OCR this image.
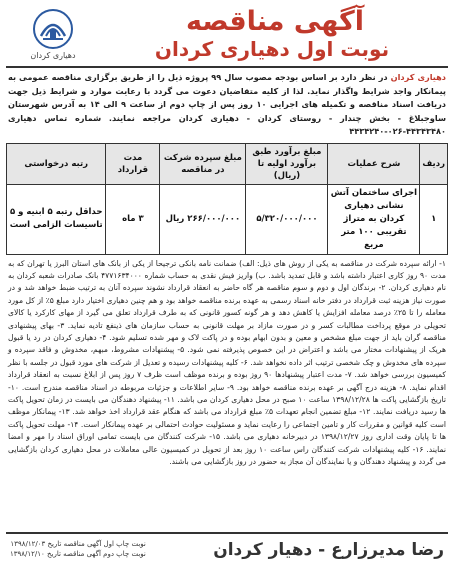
آگهی مناقصه نوبت اول دهیاری کردان
دهیاری کردان
دهیاری کردان در نظر دارد بر اساس بودجه مصوب سال ۹۹ پروژه ذیل را از طریق برگزاری مناقصه عمومی به پیمانکار واجد شرایط واگذار نماید. لذا از کلیه متقاضیان دعوت می گردد با رعایت موارد و شرایط ذیل جهت دریافت اسناد مناقصه و تکمیله های اجرایی ۱۰ روز پس از چاپ دوم از ساعت ۹ الی ۱۴ به آدرس شهرستان ساوجبلاغ - بخش چندار - روستای کردان - دهیاری کردان مراجعه نمایند. شماره تماس دهیاری ۴۴۳۴۳۴۸۰-۰۲۶-۴۴۳۴۲۴۰
ردیف	شرح عملیات	مبلغ برآورد طبق برآورد اولیه تا (ریال)	مبلغ سپرده شرکت در مناقصه	مدت قرارداد	رتبه درخواستی
۱	اجرای ساختمان آتش نشانی دهیاری کردان به متراژ تقریبی ۱۰۰ متر مربع	۵/۳۲۰/۰۰۰/۰۰۰	۲۶۶/۰۰۰/۰۰۰ ریال	۳ ماه	حداقل رتبه ۵ ابنیه و ۵ تاسیسات الزامی است
۱- ارائه سپرده شرکت در مناقصه به یکی از روش های ذیل: الف) ضمانت نامه بانکی ترجیحا از یکی از بانک های استان البرز یا تهران که به مدت ۹۰ روز کاری اعتبار داشته باشد و قابل تمدید باشد. ب) واریز فیش نقدی به حساب شماره ۴۷۷۱۶۳۴۰۰۰ بانک صادرات شعبه کردان به نام دهیاری کردان. ۲- برندگان اول و دوم و سوم مناقصه هر گاه حاضر به انعقاد قرارداد نشوند سپرده آنان به ترتیب ضبط خواهد شد و در صورت نیاز هزینه ثبت قرارداد در دفتر خانه اسناد رسمی به عهده برنده مناقصه خواهد بود و هم چنین دهیاری اختیار دارد مبلغ ۵٪ از کل مورد معامله را تا ۲۵٪ درصد معامله افزایش یا کاهش دهد و هر گونه کسور قانونی که به طرف قرارداد تعلق می گیرد از مهای کارکرد یا کالای تحویلی در موقع پرداخت مطالبات کسر و در صورت مازاد بر مهلت قانونی به حساب سازمان های ذینفع تادیه نماید. ۳- بهای پیشنهادی مناقصه گران باید از جهت مبلغ مشخص و معین و بدون ابهام بوده و در پاکت لاک و مهر شده تسلیم شود. ۴- دهیاری کردان در رد یا قبول هریک از پیشنهادات مختار می باشد و اعتراض در این خصوص پذیرفته نمی شود. ۵- پیشنهادات مشروط، مبهم، مخدوش و فاقد سپرده و سپرده های مخدوش و چک شخصی ترتیب اثر داده نخواهد شد. ۶- کلیه پیشنهادات رسیده و تعدیل از شرکت های مورد قبول در جلسه با نظر کمیسیون بررسی خواهد شد. ۷- مدت اعتبار پیشنهادها ۹۰ روز بوده و برنده موظف است ظرف ۷ روز پس از ابلاغ نسبت به انعقاد قرارداد اقدام نماید. ۸- هزینه درج آگهی بر عهده برنده مناقصه خواهد بود. ۹- سایر اطلاعات و جزئیات مربوطه در اسناد مناقصه مندرج است. ۱۰- تاریخ بازگشایی پاکت ها ۱۳۹۸/۱۲/۲۸ ساعت ۱۰ صبح در محل دهیاری کردان می باشد. ۱۱- پیشنهاد دهندگان می بایست در زمان تحویل پاکت ها رسید دریافت نمایند. ۱۲- مبلغ تضمین انجام تعهدات ۵٪ مبلغ قرارداد می باشد که هنگام عقد قرارداد اخذ خواهد شد. ۱۳- پیمانکار موظف است کلیه قوانین و مقررات کار و تامین اجتماعی را رعایت نماید و مسئولیت حوادث احتمالی بر عهده پیمانکار است. ۱۴- مهلت تحویل پاکت ها تا پایان وقت اداری روز ۱۳۹۸/۱۲/۲۷ در دبیرخانه دهیاری می باشد. ۱۵- شرکت کنندگان می بایست تمامی اوراق اسناد را مهر و امضا نمایند. ۱۶- کلیه پیشنهادات شرکت کنندگان راس ساعت ۱۰ روز بعد از تحویل در کمیسیون عالی معاملات در محل دهیاری کردان بازگشایی می گردد و پیشنهاد دهندگان و یا نمایندگان آن مجاز به حضور در روز بازگشایی می باشند.
رضا مدیرزارع - دهیار کردان
نوبت چاپ اول آگهی مناقصه تاریخ ۱۳۹۸/۱۲/۰۳
نوبت چاپ دوم آگهی مناقصه تاریخ ۱۳۹۸/۱۲/۱۰
